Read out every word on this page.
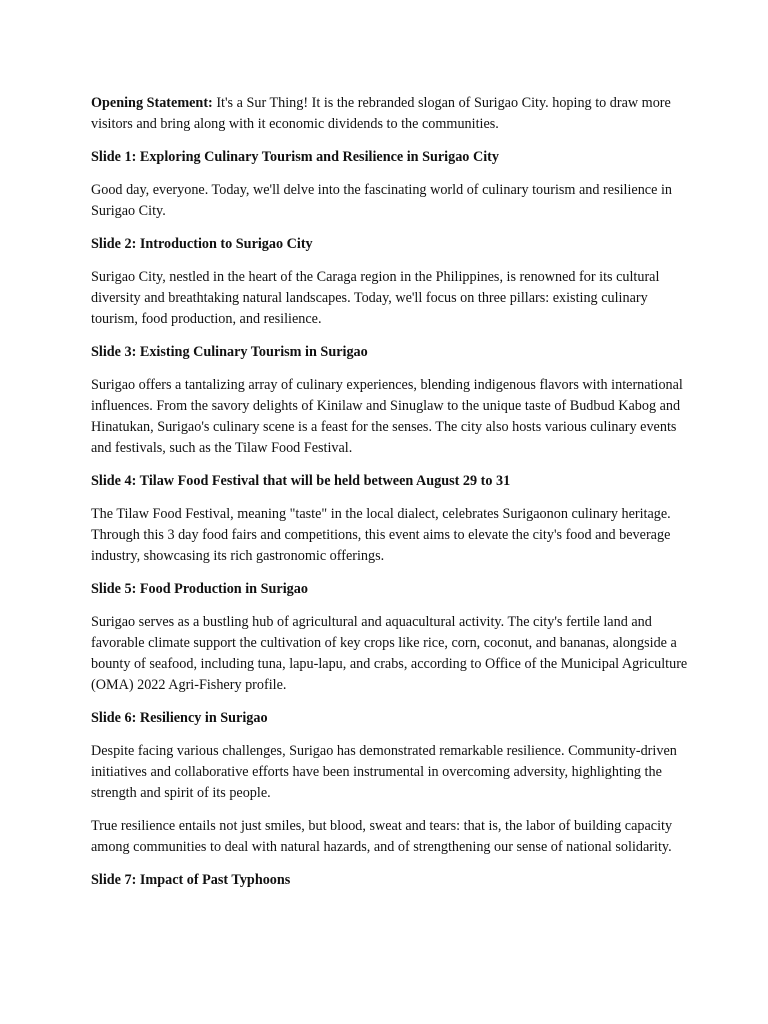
Opening Statement: It's a Sur Thing! It is the rebranded slogan of Surigao City. hoping to draw more visitors and bring along with it economic dividends to the communities.

Slide 1: Exploring Culinary Tourism and Resilience in Surigao City

Good day, everyone. Today, we'll delve into the fascinating world of culinary tourism and resilience in Surigao City.

Slide 2: Introduction to Surigao City

Surigao City, nestled in the heart of the Caraga region in the Philippines, is renowned for its cultural diversity and breathtaking natural landscapes. Today, we'll focus on three pillars: existing culinary tourism, food production, and resilience.

Slide 3: Existing Culinary Tourism in Surigao

Surigao offers a tantalizing array of culinary experiences, blending indigenous flavors with international influences. From the savory delights of Kinilaw and Sinuglaw to the unique taste of Budbud Kabog and Hinatukan, Surigao's culinary scene is a feast for the senses. The city also hosts various culinary events and festivals, such as the Tilaw Food Festival.

Slide 4: Tilaw Food Festival that will be held between August 29 to 31

The Tilaw Food Festival, meaning "taste" in the local dialect, celebrates Surigaonon culinary heritage. Through this 3 day food fairs and competitions, this event aims to elevate the city's food and beverage industry, showcasing its rich gastronomic offerings.

Slide 5: Food Production in Surigao

Surigao serves as a bustling hub of agricultural and aquacultural activity. The city's fertile land and favorable climate support the cultivation of key crops like rice, corn, coconut, and bananas, alongside a bounty of seafood, including tuna, lapu-lapu, and crabs, according to Office of the Municipal Agriculture (OMA) 2022 Agri-Fishery profile.

Slide 6: Resiliency in Surigao

Despite facing various challenges, Surigao has demonstrated remarkable resilience. Community-driven initiatives and collaborative efforts have been instrumental in overcoming adversity, highlighting the strength and spirit of its people.

True resilience entails not just smiles, but blood, sweat and tears: that is, the labor of building capacity among communities to deal with natural hazards, and of strengthening our sense of national solidarity.

Slide 7: Impact of Past Typhoons
